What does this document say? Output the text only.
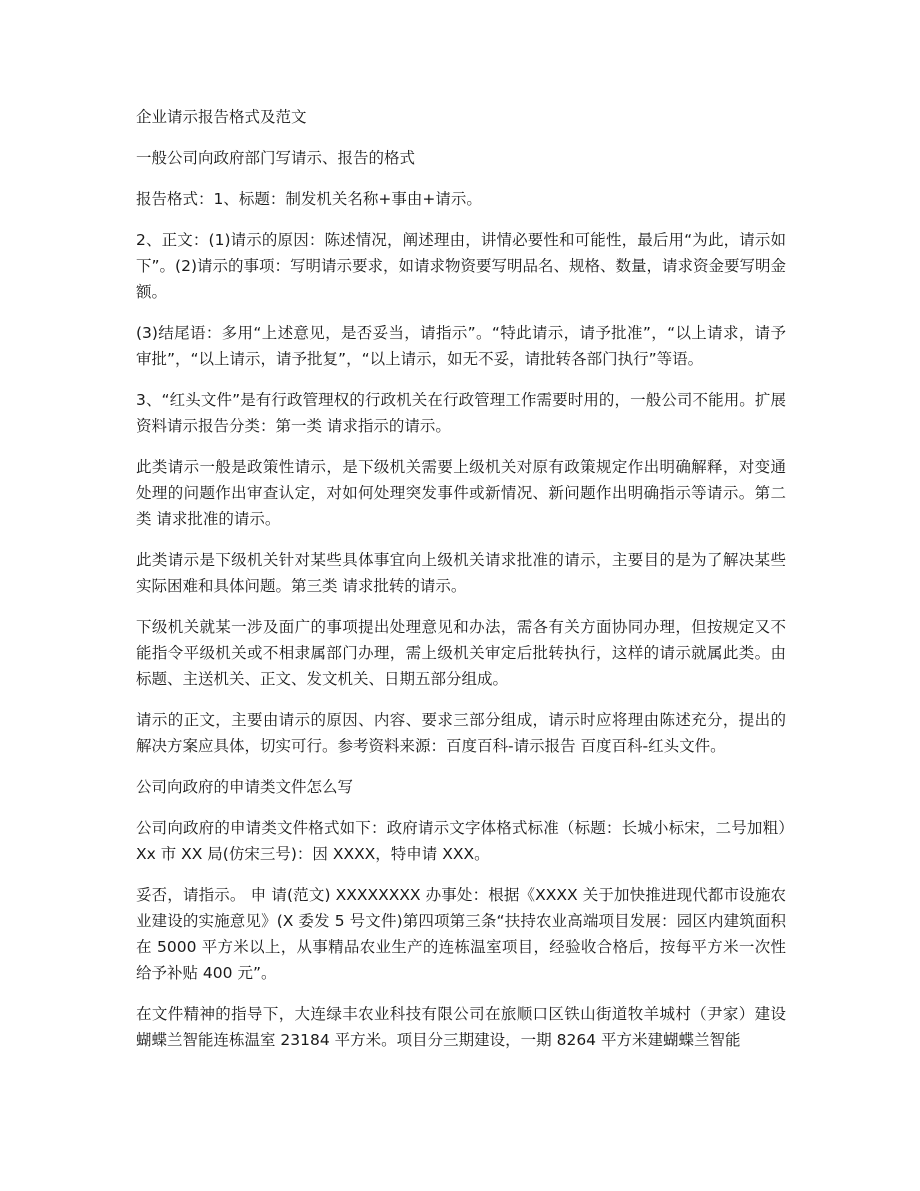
企业请示报告格式及范文

一般公司向政府部门写请示、报告的格式

报告格式：1、标题：制发机关名称+事由+请示。

2、正文：(1)请示的原因：陈述情况，阐述理由，讲情必要性和可能性，最后用“为此，请示如下”。(2)请示的事项：写明请示要求，如请求物资要写明品名、规格、数量，请求资金要写明金额。

(3)结尾语：多用“上述意见，是否妥当，请指示”。“特此请示，请予批准”，“以上请求，请予审批”，“以上请示，请予批复”，“以上请示，如无不妥，请批转各部门执行”等语。

3、“红头文件”是有行政管理权的行政机关在行政管理工作需要时用的，一般公司不能用。扩展资料请示报告分类：第一类 请求指示的请示。

此类请示一般是政策性请示，是下级机关需要上级机关对原有政策规定作出明确解释，对变通处理的问题作出审查认定，对如何处理突发事件或新情况、新问题作出明确指示等请示。第二类 请求批准的请示。

此类请示是下级机关针对某些具体事宜向上级机关请求批准的请示，主要目的是为了解决某些实际困难和具体问题。第三类 请求批转的请示。

下级机关就某一涉及面广的事项提出处理意见和办法，需各有关方面协同办理，但按规定又不能指令平级机关或不相隶属部门办理，需上级机关审定后批转执行，这样的请示就属此类。由标题、主送机关、正文、发文机关、日期五部分组成。

请示的正文，主要由请示的原因、内容、要求三部分组成，请示时应将理由陈述充分，提出的解决方案应具体，切实可行。参考资料来源：百度百科-请示报告 百度百科-红头文件。

公司向政府的申请类文件怎么写

公司向政府的申请类文件格式如下：政府请示文字体格式标准（标题：长城小标宋，二号加粗）Xx 市 XX 局(仿宋三号)：因 XXXX，特申请 XXX。

妥否，请指示。 申 请(范文) XXXXXXXX 办事处：根据《XXXX 关于加快推进现代都市设施农业建设的实施意见》(X 委发 5 号文件)第四项第三条“扶持农业高端项目发展：园区内建筑面积在 5000 平方米以上，从事精品农业生产的连栋温室项目，经验收合格后，按每平方米一次性给予补贴 400 元”。

在文件精神的指导下，大连绿丰农业科技有限公司在旅顺口区铁山街道牧羊城村（尹家）建设蝴蝶兰智能连栋温室 23184 平方米。项目分三期建设，一期 8264 平方米建蝴蝶兰智能
